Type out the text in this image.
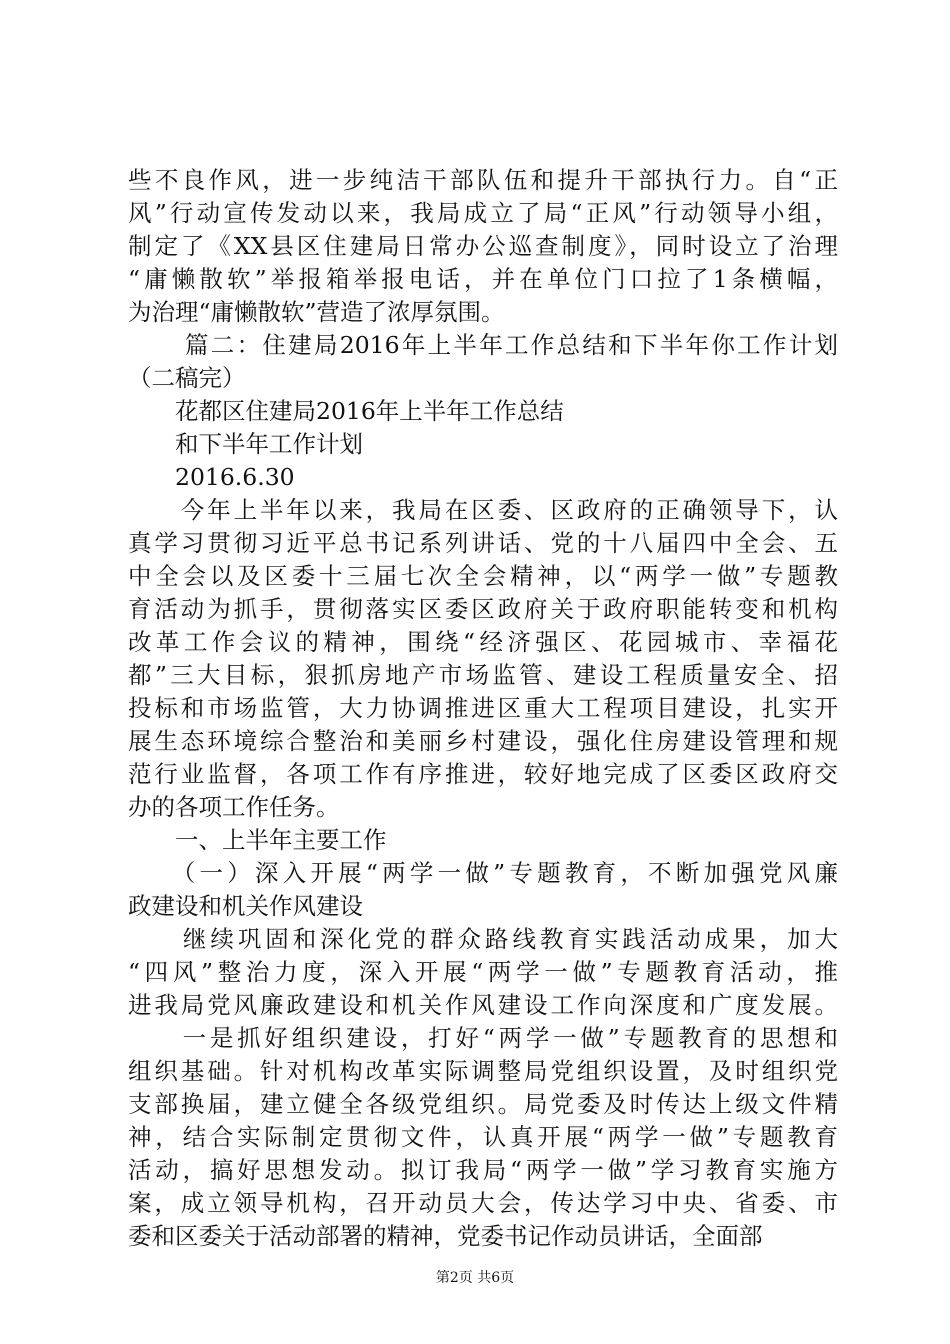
些不良作风，进一步纯洁干部队伍和提升干部执行力。自“正
风”行动宣传发动以来，我局成立了局“正风”行动领导小组，
制定了《XX县区住建局日常办公巡查制度》，同时设立了治理
“庸懒散软”举报箱举报电话，并在单位门口拉了1条横幅，
为治理“庸懒散软”营造了浓厚氛围。
篇二：住建局2016年上半年工作总结和下半年你工作计划
（二稿完）
花都区住建局2016年上半年工作总结
和下半年工作计划
2016.6.30
　　今年上半年以来，我局在区委、区政府的正确领导下，认
真学习贯彻习近平总书记系列讲话、党的十八届四中全会、五
中全会以及区委十三届七次全会精神，以“两学一做”专题教
育活动为抓手，贯彻落实区委区政府关于政府职能转变和机构
改革工作会议的精神，围绕“经济强区、花园城市、幸福花
都”三大目标，狠抓房地产市场监管、建设工程质量安全、招
投标和市场监管，大力协调推进区重大工程项目建设，扎实开
展生态环境综合整治和美丽乡村建设，强化住房建设管理和规
范行业监督，各项工作有序推进，较好地完成了区委区政府交
办的各项工作任务。
　　一、上半年主要工作
　　（一）深入开展“两学一做”专题教育，不断加强党风廉
政建设和机关作风建设
　　继续巩固和深化党的群众路线教育实践活动成果，加大
“四风”整治力度，深入开展“两学一做”专题教育活动，推
进我局党风廉政建设和机关作风建设工作向深度和广度发展。
　　一是抓好组织建设，打好“两学一做”专题教育的思想和
组织基础。针对机构改革实际调整局党组织设置，及时组织党
支部换届，建立健全各级党组织。局党委及时传达上级文件精
神，结合实际制定贯彻文件，认真开展“两学一做”专题教育
活动，搞好思想发动。拟订我局“两学一做”学习教育实施方
案，成立领导机构，召开动员大会，传达学习中央、省委、市
委和区委关于活动部署的精神，党委书记作动员讲话，全面部
第2页 共6页
